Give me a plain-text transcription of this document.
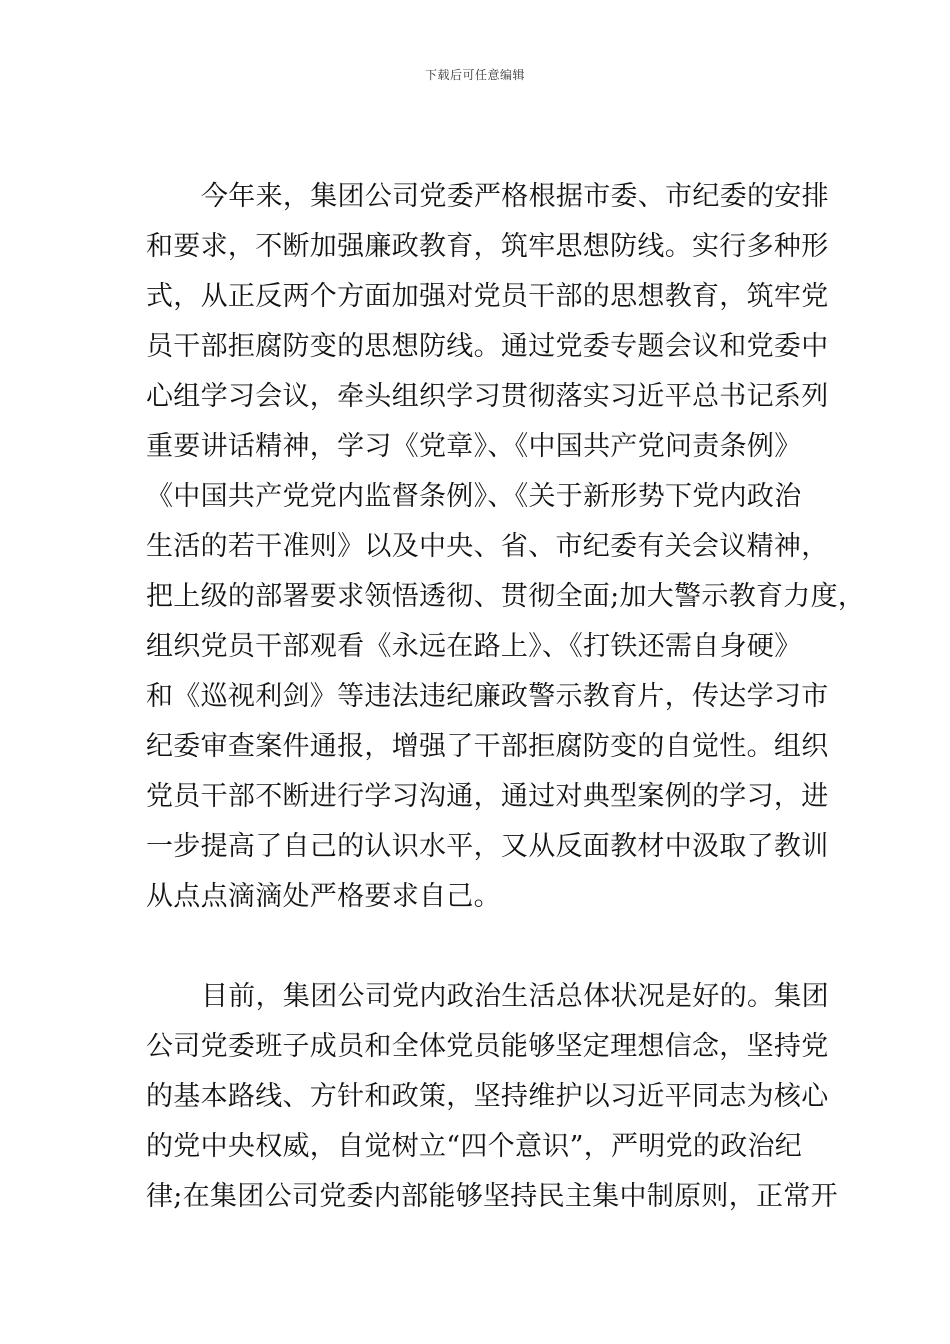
下载后可任意编辑
今年来，集团公司党委严格根据市委、市纪委的安排
和要求，不断加强廉政教育，筑牢思想防线。实行多种形
式，从正反两个方面加强对党员干部的思想教育，筑牢党
员干部拒腐防变的思想防线。通过党委专题会议和党委中
心组学习会议，牵头组织学习贯彻落实习近平总书记系列
重要讲话精神，学习《党章》、《中国共产党问责条例》
《中国共产党党内监督条例》、《关于新形势下党内政治
生活的若干准则》以及中央、省、市纪委有关会议精神，
把上级的部署要求领悟透彻、贯彻全面;加大警示教育力度，
组织党员干部观看《永远在路上》、《打铁还需自身硬》
和《巡视利剑》等违法违纪廉政警示教育片，传达学习市
纪委审查案件通报，增强了干部拒腐防变的自觉性。组织
党员干部不断进行学习沟通，通过对典型案例的学习，进
一步提高了自己的认识水平，又从反面教材中汲取了教训
从点点滴滴处严格要求自己。
目前，集团公司党内政治生活总体状况是好的。集团
公司党委班子成员和全体党员能够坚定理想信念，坚持党
的基本路线、方针和政策，坚持维护以习近平同志为核心
的党中央权威，自觉树立“四个意识”，严明党的政治纪
律;在集团公司党委内部能够坚持民主集中制原则，正常开
